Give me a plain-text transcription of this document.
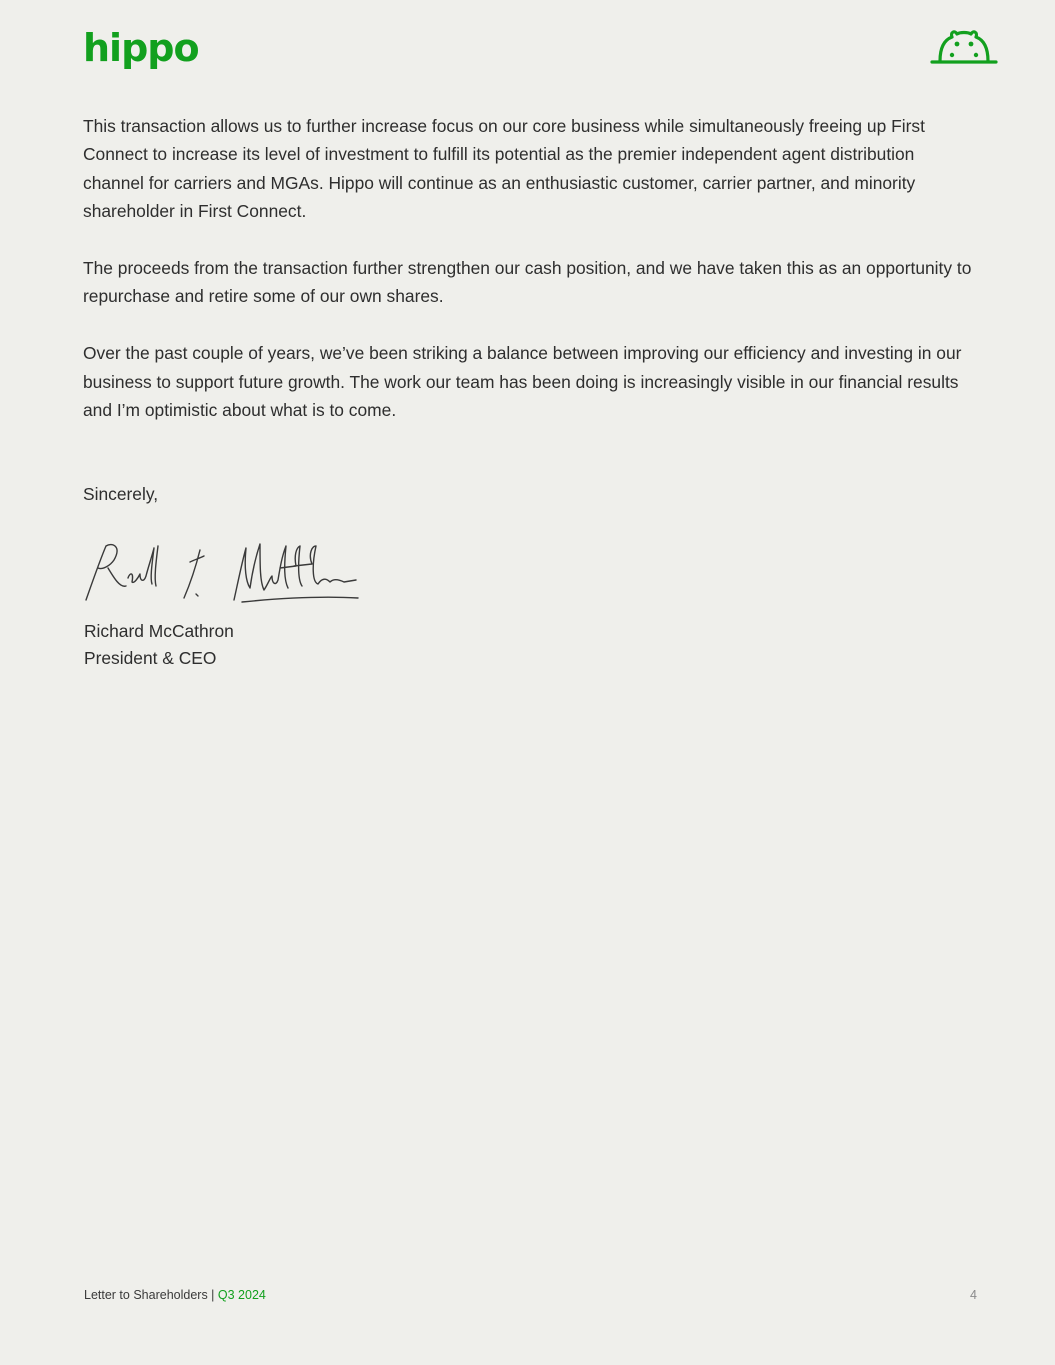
hippo

This transaction allows us to further increase focus on our core business while simultaneously freeing up First Connect to increase its level of investment to fulfill its potential as the premier independent agent distribution channel for carriers and MGAs. Hippo will continue as an enthusiastic customer, carrier partner, and minority shareholder in First Connect.

The proceeds from the transaction further strengthen our cash position, and we have taken this as an opportunity to repurchase and retire some of our own shares.

Over the past couple of years, we’ve been striking a balance between improving our efficiency and investing in our business to support future growth. The work our team has been doing is increasingly visible in our financial results and I’m optimistic about what is to come.

Sincerely,
Richard McCathron
President & CEO
Letter to Shareholders | Q3 2024	4
